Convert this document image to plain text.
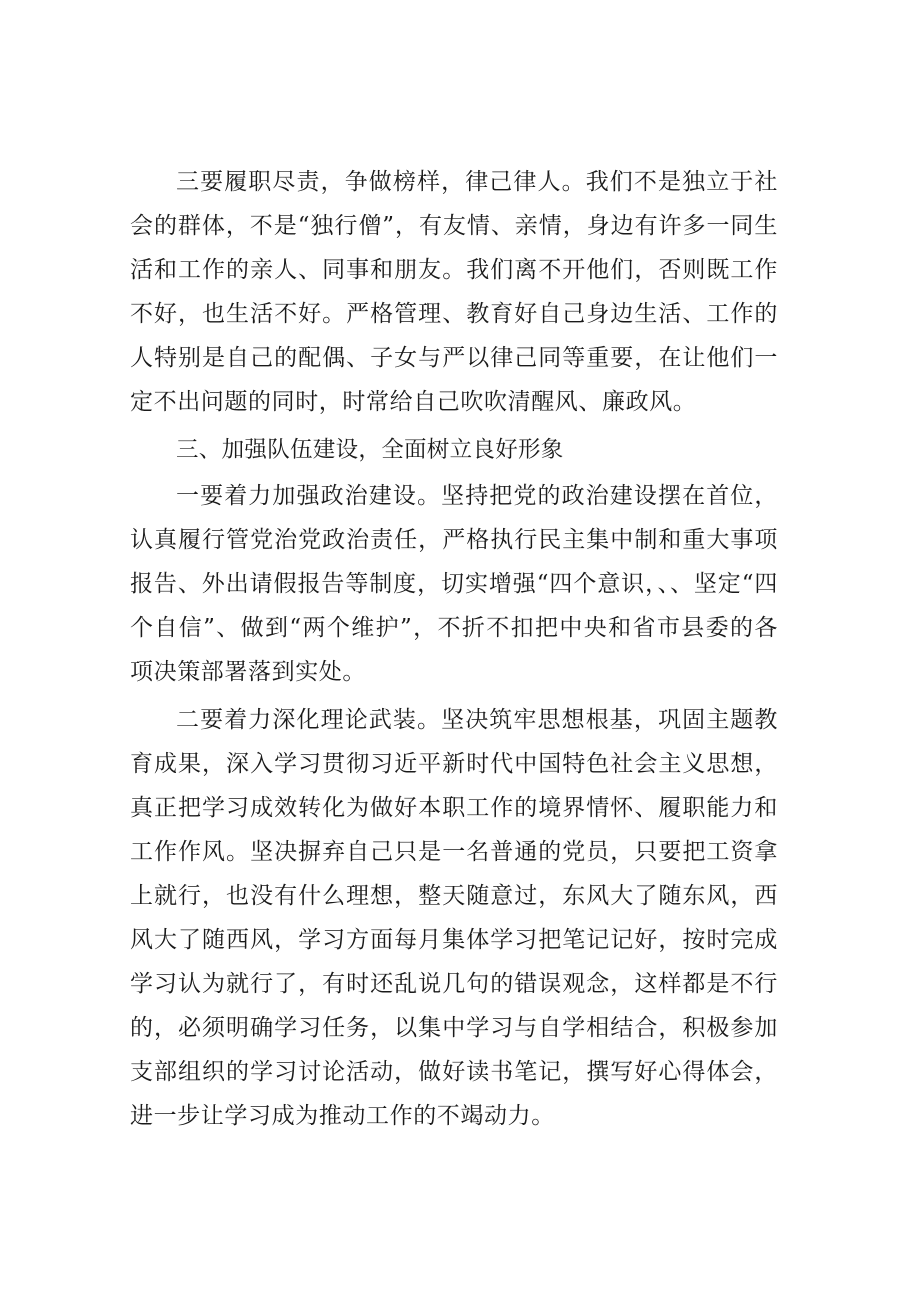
三要履职尽责，争做榜样，律己律人。我们不是独立于社会的群体，不是“独行僧”，有友情、亲情，身边有许多一同生活和工作的亲人、同事和朋友。我们离不开他们，否则既工作不好，也生活不好。严格管理、教育好自己身边生活、工作的人特别是自己的配偶、子女与严以律己同等重要，在让他们一定不出问题的同时，时常给自己吹吹清醒风、廉政风。

三、加强队伍建设，全面树立良好形象

一要着力加强政治建设。坚持把党的政治建设摆在首位，认真履行管党治党政治责任，严格执行民主集中制和重大事项报告、外出请假报告等制度，切实增强“四个意识，、、坚定“四个自信”、做到“两个维护”，不折不扣把中央和省市县委的各项决策部署落到实处。

二要着力深化理论武装。坚决筑牢思想根基，巩固主题教育成果，深入学习贯彻习近平新时代中国特色社会主义思想，真正把学习成效转化为做好本职工作的境界情怀、履职能力和工作作风。坚决摒弃自己只是一名普通的党员，只要把工资拿上就行，也没有什么理想，整天随意过，东风大了随东风，西风大了随西风，学习方面每月集体学习把笔记记好，按时完成学习认为就行了，有时还乱说几句的错误观念，这样都是不行的，必须明确学习任务，以集中学习与自学相结合，积极参加支部组织的学习讨论活动，做好读书笔记，撰写好心得体会，进一步让学习成为推动工作的不竭动力。
